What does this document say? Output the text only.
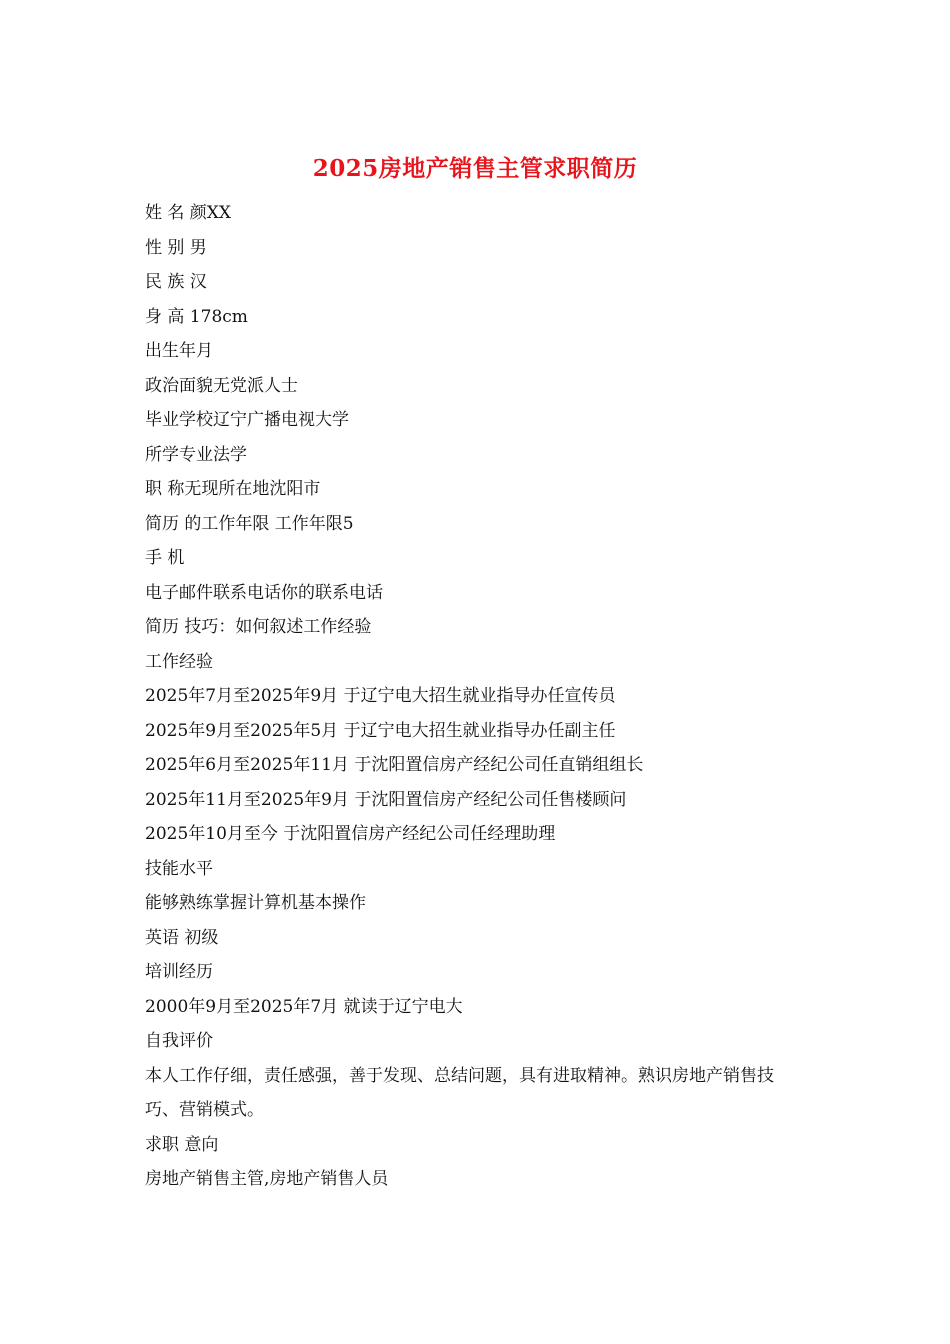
2025房地产销售主管求职简历
姓 名 颜XX
性 别 男
民 族 汉
身 高 178cm
出生年月
政治面貌无党派人士
毕业学校辽宁广播电视大学
所学专业法学
职 称无现所在地沈阳市
简历 的工作年限 工作年限5
手 机
电子邮件联系电话你的联系电话
简历 技巧：如何叙述工作经验
工作经验
2025年7月至2025年9月 于辽宁电大招生就业指导办任宣传员
2025年9月至2025年5月 于辽宁电大招生就业指导办任副主任
2025年6月至2025年11月 于沈阳置信房产经纪公司任直销组组长
2025年11月至2025年9月 于沈阳置信房产经纪公司任售楼顾问
2025年10月至今 于沈阳置信房产经纪公司任经理助理
技能水平
能够熟练掌握计算机基本操作
英语 初级
培训经历
2000年9月至2025年7月 就读于辽宁电大
自我评价
本人工作仔细，责任感强，善于发现、总结问题，具有进取精神。熟识房地产销售技巧、营销模式。
求职 意向
房地产销售主管,房地产销售人员
